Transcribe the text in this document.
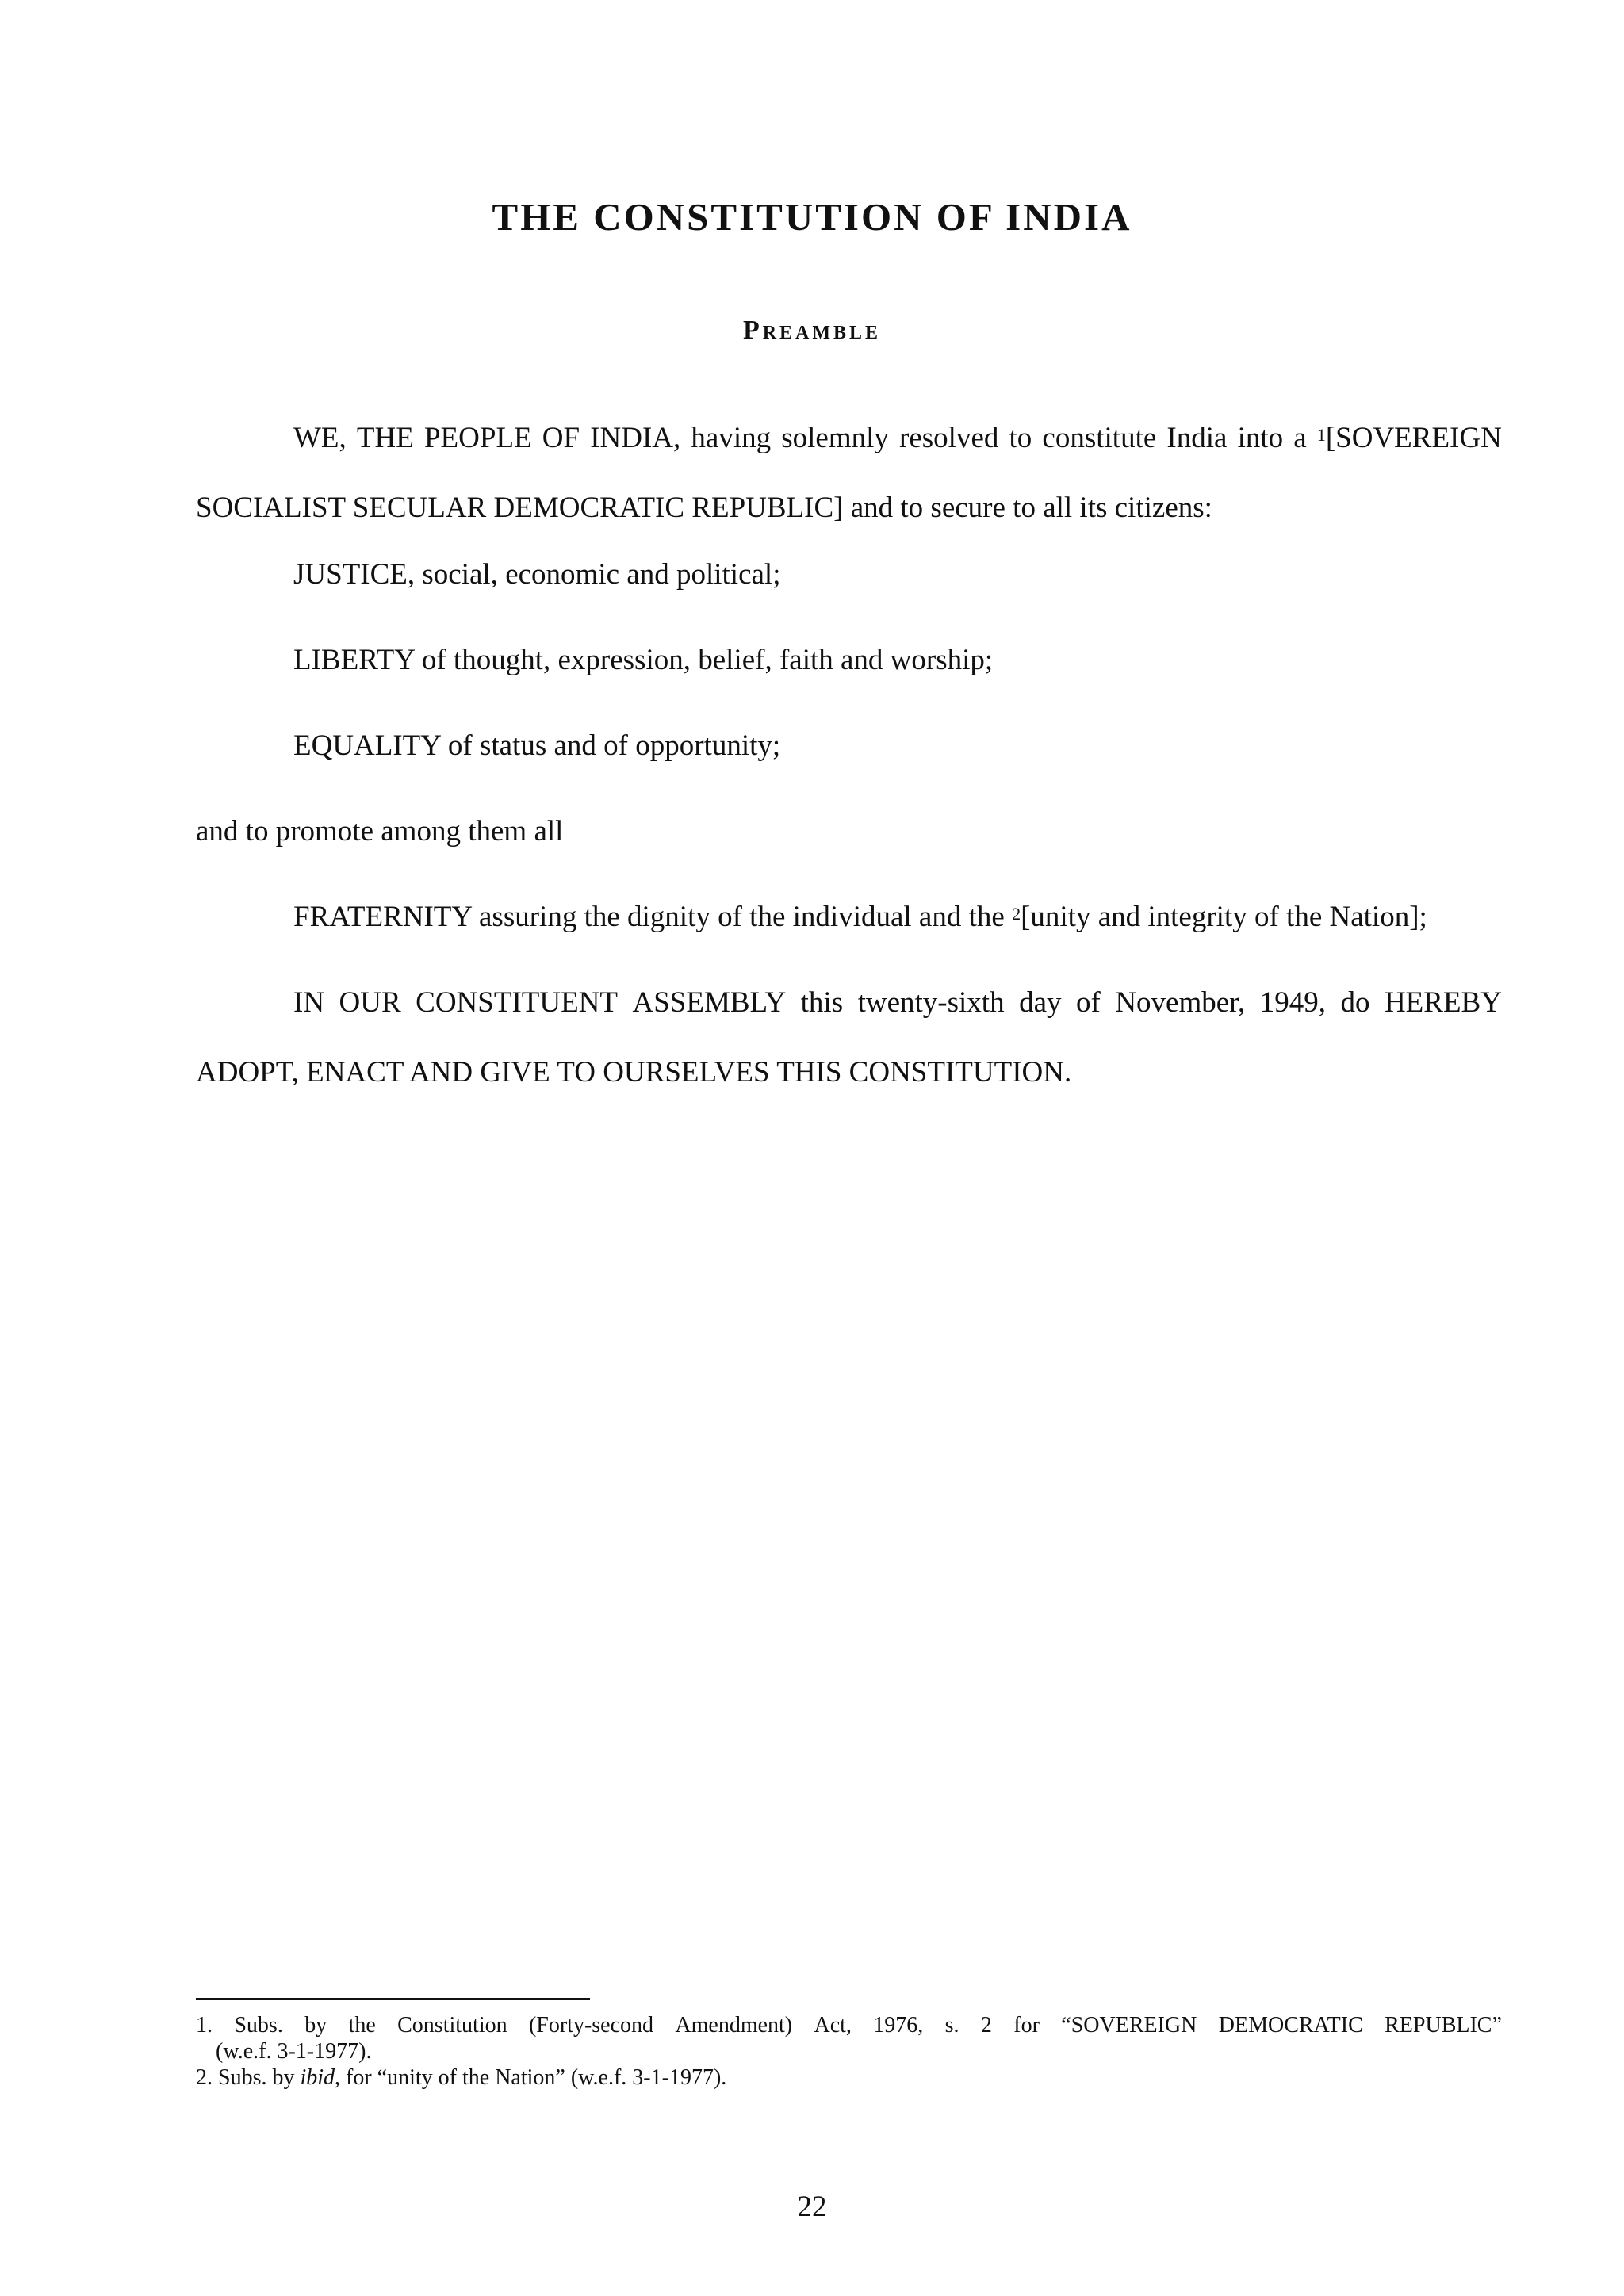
THE CONSTITUTION OF INDIA
Preamble

WE, THE PEOPLE OF INDIA, having solemnly resolved to constitute India into a $^1$[SOVEREIGN

SOCIALIST SECULAR DEMOCRATIC REPUBLIC] and to secure to all its citizens:

JUSTICE, social, economic and political;

LIBERTY of thought, expression, belief, faith and worship;

EQUALITY of status and of opportunity;

and to promote among them all

FRATERNITY assuring the dignity of the individual and the $^2$[unity and integrity of the Nation];

IN OUR CONSTITUENT ASSEMBLY this twenty-sixth day of November, 1949, do HEREBY

ADOPT, ENACT AND GIVE TO OURSELVES THIS CONSTITUTION.

1. Subs. by the Constitution (Forty-second Amendment) Act, 1976, s. 2 for “SOVEREIGN DEMOCRATIC REPUBLIC”

(w.e.f. 3-1-1977).

2. Subs. by ibid, for “unity of the Nation” (w.e.f. 3-1-1977).

22
